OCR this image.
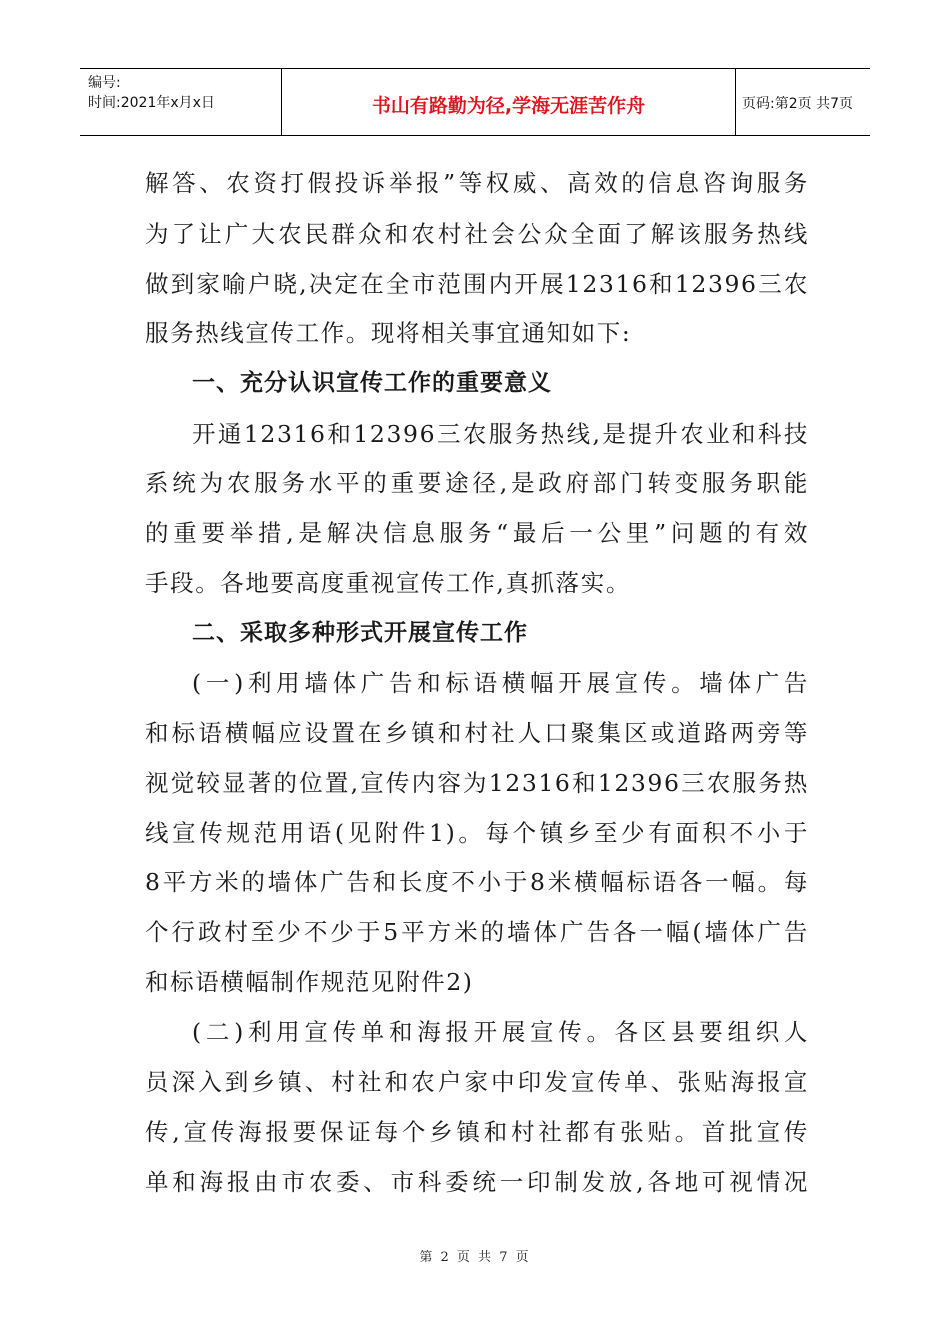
编号:
时间:2021年x月x日	书山有路勤为径,学海无涯苦作舟	页码:第2页 共7页
解答、农资打假投诉举报”等权威、高效的信息咨询服务
为了让广大农民群众和农村社会公众全面了解该服务热线
做到家喻户晓,决定在全市范围内开展12316和12396三农
服务热线宣传工作。现将相关事宜通知如下:
一、充分认识宣传工作的重要意义
开通12316和12396三农服务热线,是提升农业和科技
系统为农服务水平的重要途径,是政府部门转变服务职能
的重要举措,是解决信息服务“最后一公里”问题的有效
手段。各地要高度重视宣传工作,真抓落实。
二、采取多种形式开展宣传工作
(一)利用墙体广告和标语横幅开展宣传。墙体广告
和标语横幅应设置在乡镇和村社人口聚集区或道路两旁等
视觉较显著的位置,宣传内容为12316和12396三农服务热
线宣传规范用语(见附件1)。每个镇乡至少有面积不小于
8平方米的墙体广告和长度不小于8米横幅标语各一幅。每
个行政村至少不少于5平方米的墙体广告各一幅(墙体广告
和标语横幅制作规范见附件2)
(二)利用宣传单和海报开展宣传。各区县要组织人
员深入到乡镇、村社和农户家中印发宣传单、张贴海报宣
传,宣传海报要保证每个乡镇和村社都有张贴。首批宣传
单和海报由市农委、市科委统一印制发放,各地可视情况
第 2 页 共 7 页
